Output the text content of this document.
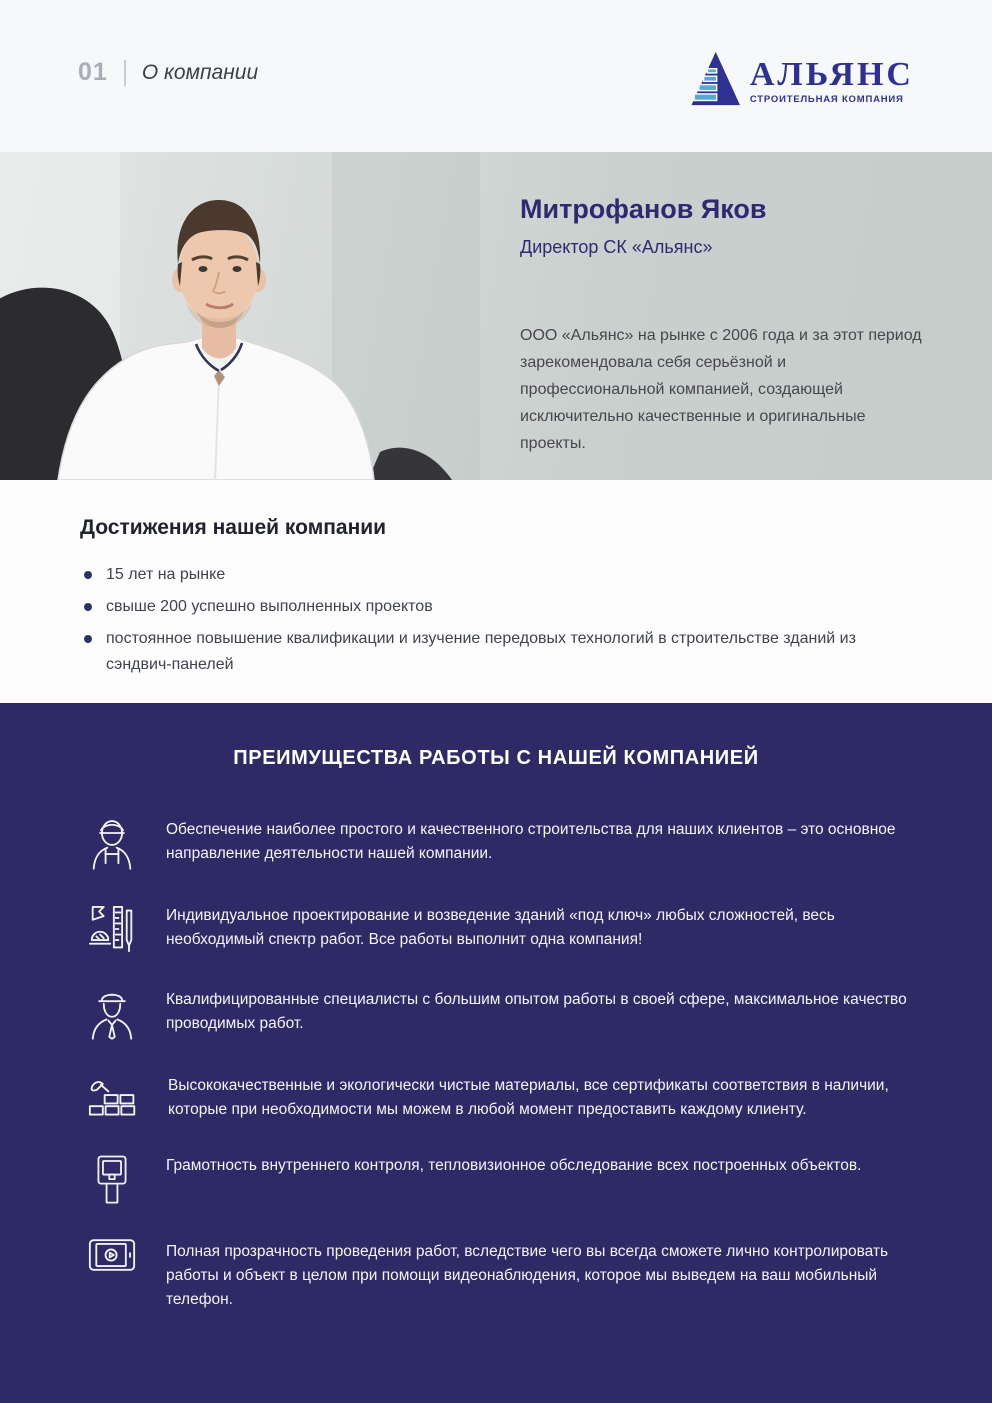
01 О компании	АЛЬЯНС
СТРОИТЕЛЬНАЯ КОМПАНИЯ
Митрофанов Яков
Директор СК «Альянс»
ООО «Альянс» на рынке с 2006 года и за этот период зарекомендовала себя серьёзной и профессиональной компанией, создающей исключительно качественные и оригинальные проекты.
Достижения нашей компании
15 лет на рынке
свыше 200 успешно выполненных проектов
постоянное повышение квалификации и изучение передовых технологий в строительстве зданий из сэндвич-панелей
ПРЕИМУЩЕСТВА РАБОТЫ С НАШЕЙ КОМПАНИЕЙ
Обеспечение наиболее простого и качественного строительства для наших клиентов – это основное направление деятельности нашей компании.
Индивидуальное проектирование и возведение зданий «под ключ» любых сложностей, весь необходимый спектр работ. Все работы выполнит одна компания!
Квалифицированные специалисты с большим опытом работы в своей сфере, максимальное качество проводимых работ.
Высококачественные и экологически чистые материалы, все сертификаты соответствия в наличии, которые при необходимости мы можем в любой момент предоставить каждому клиенту.
Грамотность внутреннего контроля, тепловизионное обследование всех построенных объектов.
Полная прозрачность проведения работ, вследствие чего вы всегда сможете лично контролировать работы и объект в целом при помощи видеонаблюдения, которое мы выведем на ваш мобильный телефон.
